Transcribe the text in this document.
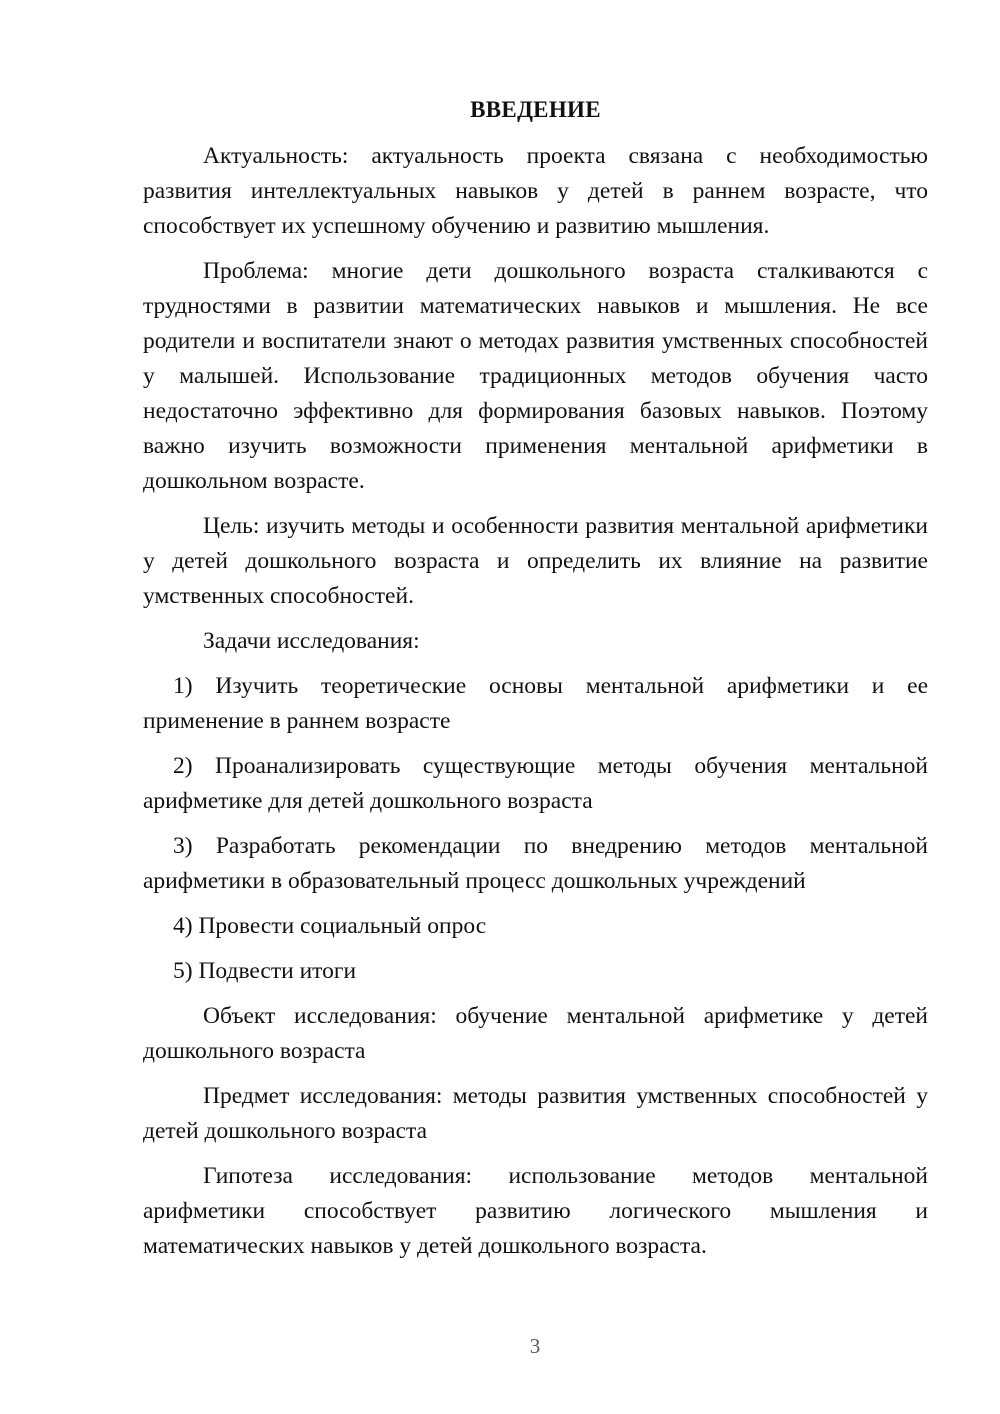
ВВЕДЕНИЕ

Актуальность: актуальность проекта связана с необходимостью развития интеллектуальных навыков у детей в раннем возрасте, что способствует их успешному обучению и развитию мышления.

Проблема: многие дети дошкольного возраста сталкиваются с трудностями в развитии математических навыков и мышления. Не все родители и воспитатели знают о методах развития умственных способностей у малышей. Использование традиционных методов обучения часто недостаточно эффективно для формирования базовых навыков. Поэтому важно изучить возможности применения ментальной арифметики в дошкольном возрасте.

Цель: изучить методы и особенности развития ментальной арифметики у детей дошкольного возраста и определить их влияние на развитие умственных способностей.

Задачи исследования:

1) Изучить теоретические основы ментальной арифметики и ее применение в раннем возрасте

2) Проанализировать существующие методы обучения ментальной арифметике для детей дошкольного возраста

3) Разработать рекомендации по внедрению методов ментальной арифметики в образовательный процесс дошкольных учреждений

4) Провести социальный опрос

5) Подвести итоги

Объект исследования: обучение ментальной арифметике у детей дошкольного возраста

Предмет исследования: методы развития умственных способностей у детей дошкольного возраста

Гипотеза исследования: использование методов ментальной арифметики способствует развитию логического мышления и математических навыков у детей дошкольного возраста.

3
